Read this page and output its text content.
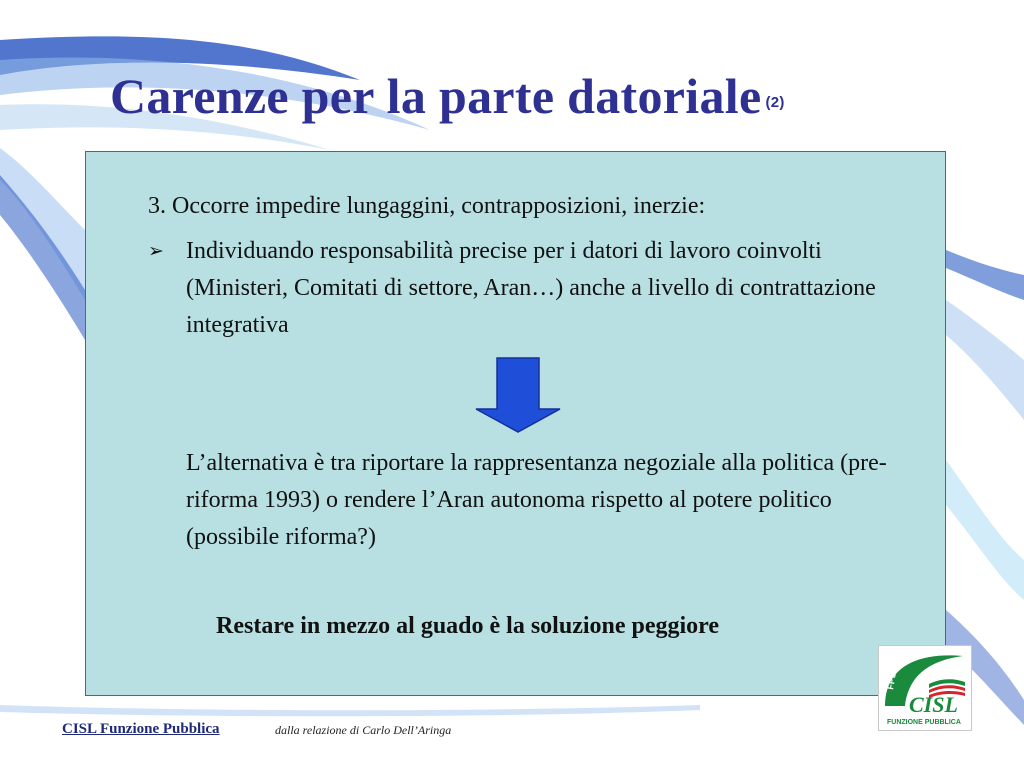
Carenze per la parte datoriale $^{(2)}$
3. Occorre impedire lungaggini, contrapposizioni, inerzie:
➢ Individuando responsabilità precise per i datori di lavoro coinvolti (Ministeri, Comitati di settore, Aran…) anche a livello di contrattazione integrativa
L’alternativa è tra riportare la rappresentanza negoziale alla politica (pre-riforma 1993) o rendere l’Aran autonoma rispetto al potere politico (possibile riforma?)
Restare in mezzo al guado è la soluzione peggiore
FPS
CISL
FUNZIONE PUBBLICA

CISL Funzione Pubblica	dalla relazione di Carlo Dell’Aringa
